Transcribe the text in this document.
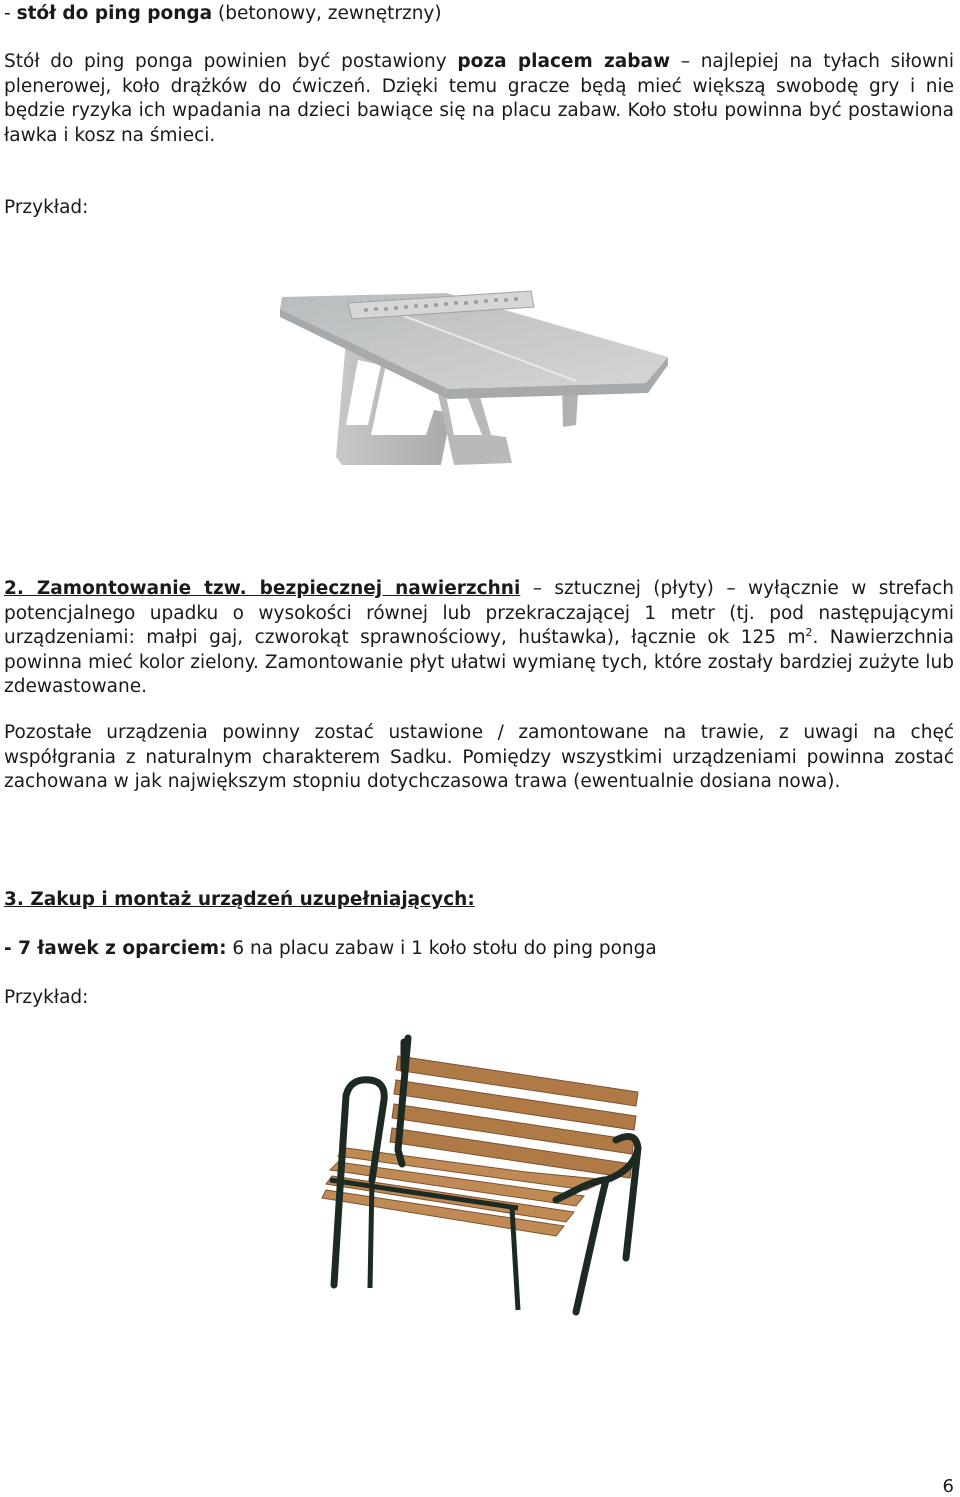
- stół do ping ponga (betonowy, zewnętrzny)

Stół do ping ponga powinien być postawiony poza placem zabaw – najlepiej na tyłach siłowni plenerowej, koło drążków do ćwiczeń. Dzięki temu gracze będą mieć większą swobodę gry i nie będzie ryzyka ich wpadania na dzieci bawiące się na placu zabaw. Koło stołu powinna być postawiona ławka i kosz na śmieci.

Przykład:

2. Zamontowanie tzw. bezpiecznej nawierzchni – sztucznej (płyty) – wyłącznie w strefach potencjalnego upadku o wysokości równej lub przekraczającej 1 metr (tj. pod następującymi urządzeniami: małpi gaj, czworokąt sprawnościowy, huśtawka), łącznie ok 125 $m^2$. Nawierzchnia powinna mieć kolor zielony. Zamontowanie płyt ułatwi wymianę tych, które zostały bardziej zużyte lub zdewastowane.

Pozostałe urządzenia powinny zostać ustawione / zamontowane na trawie, z uwagi na chęć współgrania z naturalnym charakterem Sadku. Pomiędzy wszystkimi urządzeniami powinna zostać zachowana w jak największym stopniu dotychczasowa trawa (ewentualnie dosiana nowa).

3. Zakup i montaż urządzeń uzupełniających:

- 7 ławek z oparciem: 6 na placu zabaw i 1 koło stołu do ping ponga

Przykład:

6
